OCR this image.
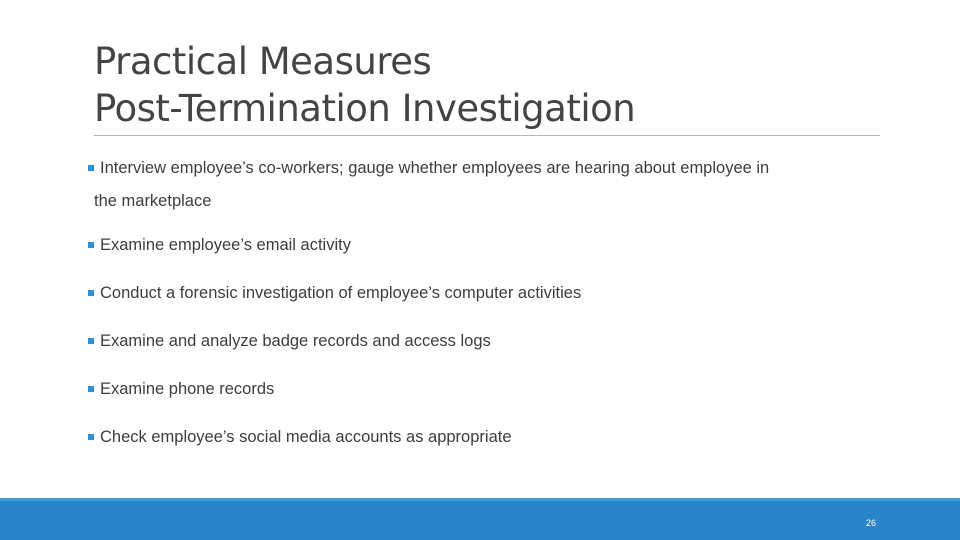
Practical Measures
Post-Termination Investigation
Interview employee’s co-workers; gauge whether employees are hearing about employee in
the marketplace
Examine employee’s email activity
Conduct a forensic investigation of employee’s computer activities
Examine and analyze badge records and access logs
Examine phone records
Check employee’s social media accounts as appropriate
26
